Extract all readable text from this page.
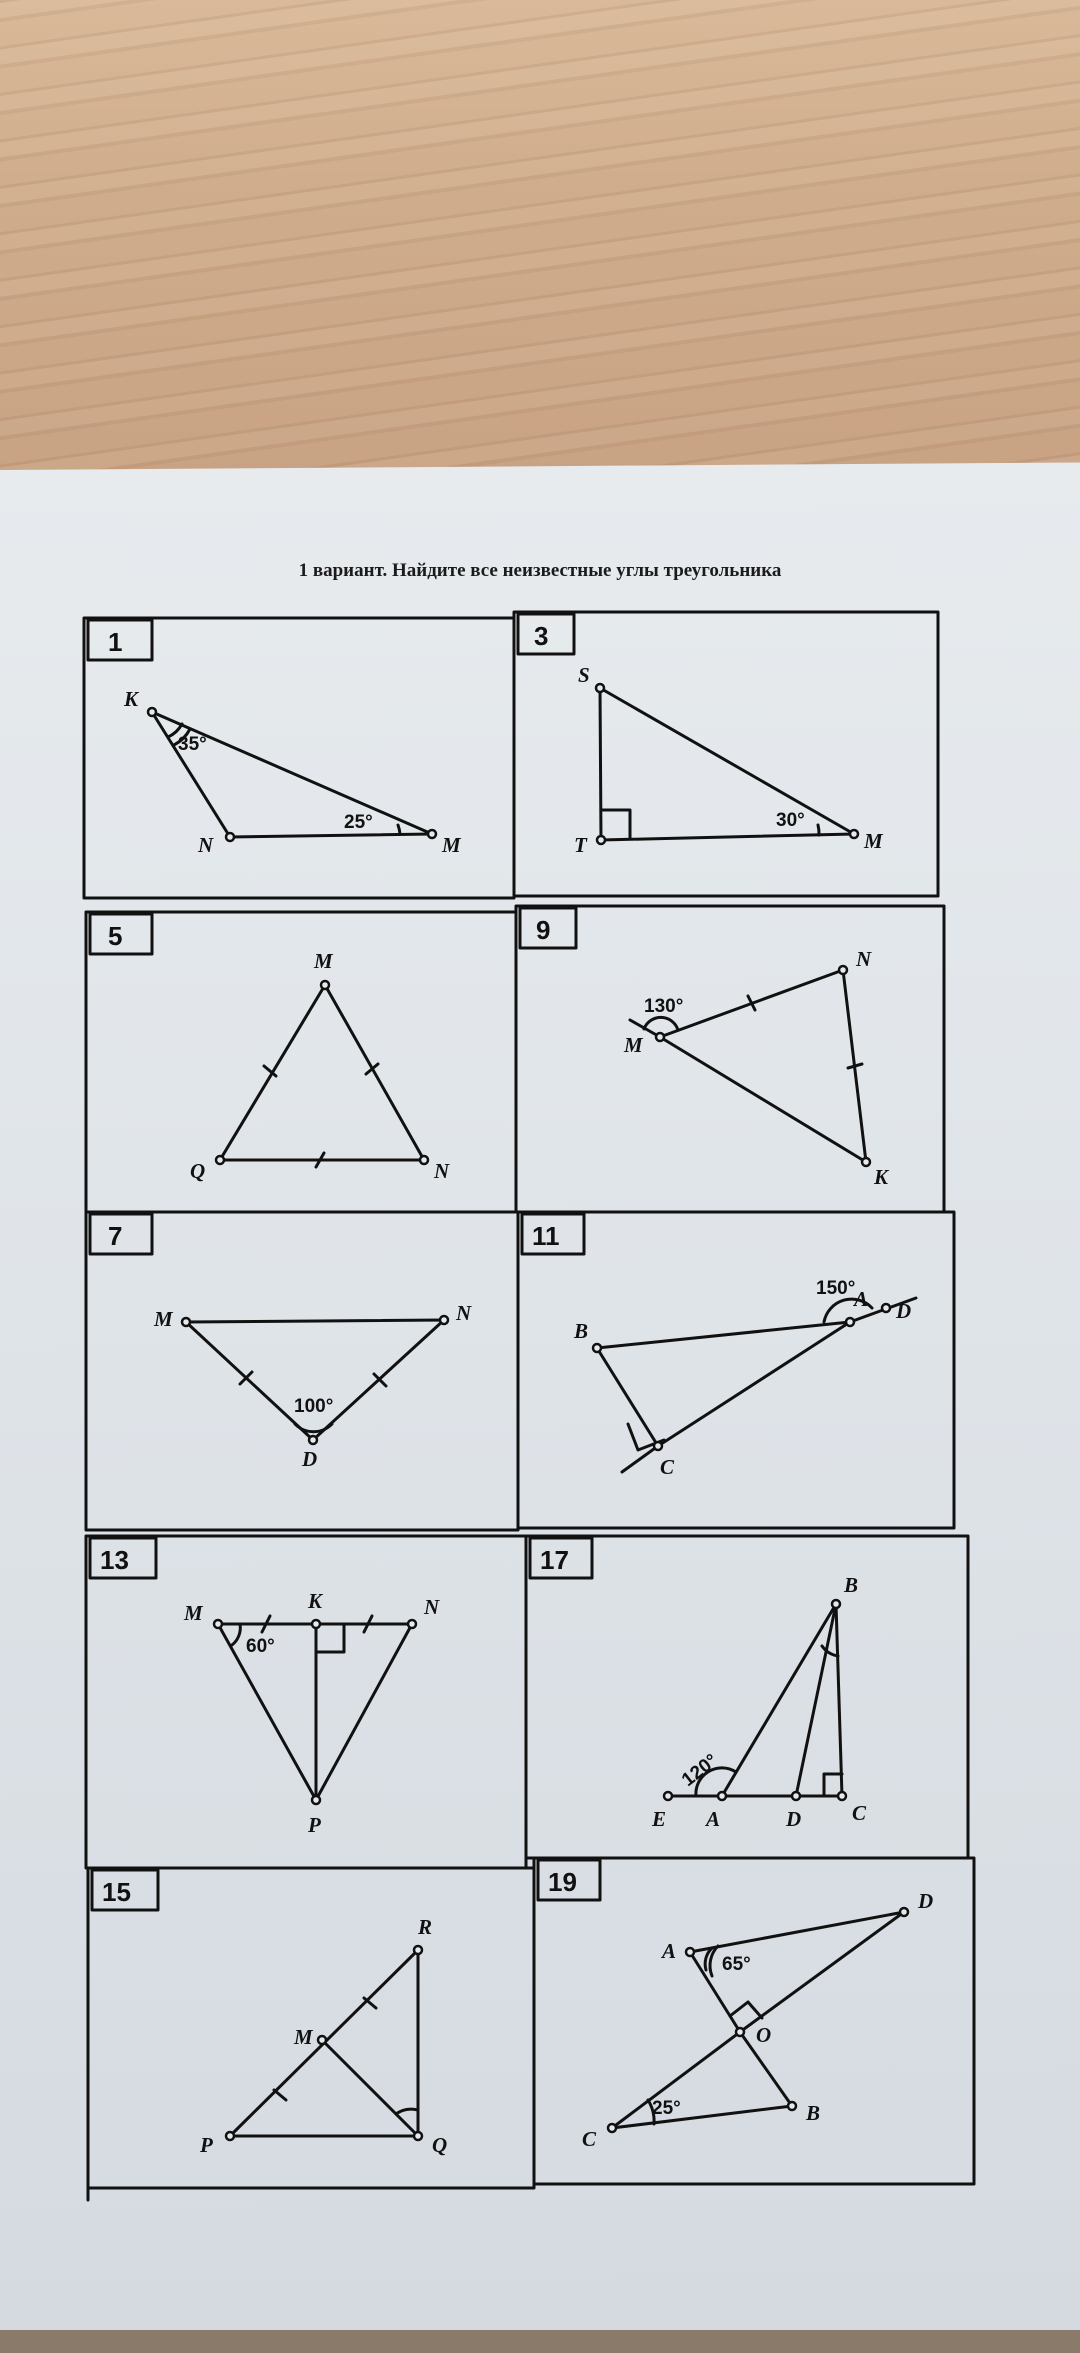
1 вариант. Найдите все неизвестные углы треугольника
1	3
5	9
7	11
13	17
15	19
K
N	M
35°
25°
S
T	M
30°
M
Q	N
N
M
K
130°
M	N
D
100°
B
A D
C
150°
M	K	N
P
60°
B
E A	D C
120°
R
M
P	Q
A
D
O
C
B
65°
25°
